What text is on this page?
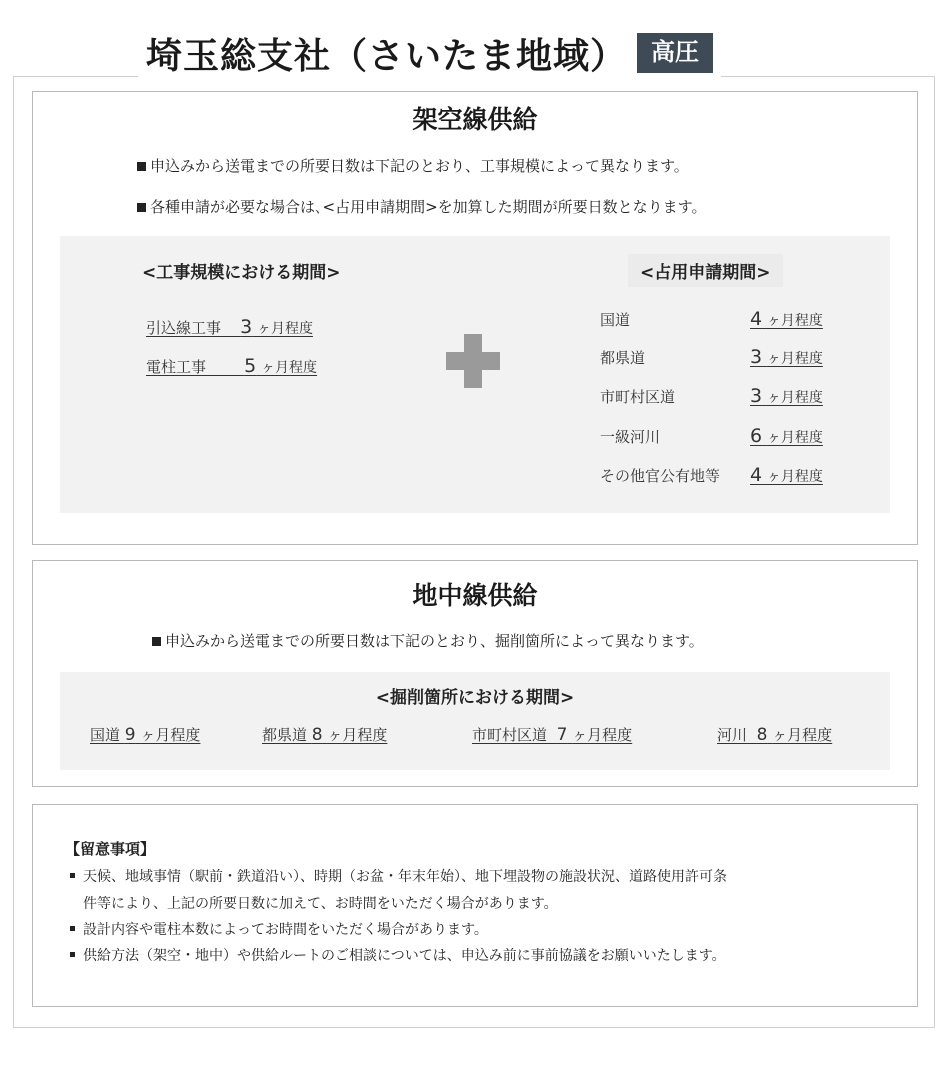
埼玉総支社（さいたま地域）	高圧
架空線供給
申込みから送電までの所要日数は下記のとおり、工事規模によって異なります。
各種申請が必要な場合は､<占用申請期間>を加算した期間が所要日数となります。
<工事規模における期間>
引込線工事 3 ヶ月程度
電柱工事 5 ヶ月程度
<占用申請期間>
国道	4 ヶ月程度
都県道	3 ヶ月程度
市町村区道	3 ヶ月程度
一級河川	6 ヶ月程度
その他官公有地等 4 ヶ月程度
地中線供給
申込みから送電までの所要日数は下記のとおり、掘削箇所によって異なります。
<掘削箇所における期間>
国道 9 ヶ月程度	都県道 8 ヶ月程度	市町村区道 7 ヶ月程度	河川 8 ヶ月程度
【留意事項】
天候、地域事情（駅前・鉄道沿い）、時期（お盆・年末年始）、地下埋設物の施設状況、道路使用許可条
件等により、上記の所要日数に加えて、お時間をいただく場合があります。
設計内容や電柱本数によってお時間をいただく場合があります。
供給方法（架空・地中）や供給ルートのご相談については、申込み前に事前協議をお願いいたします。
